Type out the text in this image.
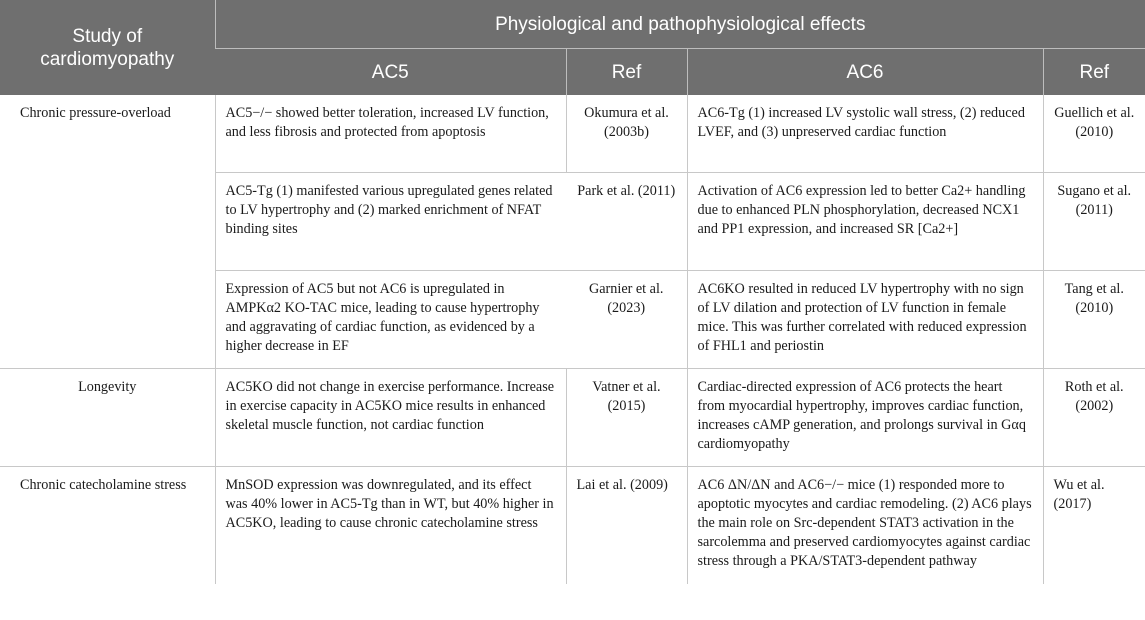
Study of cardiomyopathy	Physiological and pathophysiological effects			
	AC5	Ref	AC6	Ref
Chronic pressure-overload	AC5−/− showed better toleration, increased LV function, and less fibrosis and protected from apoptosis	Okumura et al. (2003b)	AC6-Tg (1) increased LV systolic wall stress, (2) reduced LVEF, and (3) unpreserved cardiac function	Guellich et al. (2010)
	AC5-Tg (1) manifested various upregulated genes related to LV hypertrophy and (2) marked enrichment of NFAT binding sites	Park et al. (2011)	Activation of AC6 expression led to better Ca2+ handling due to enhanced PLN phosphorylation, decreased NCX1 and PP1 expression, and increased SR [Ca2+]	Sugano et al. (2011)
	Expression of AC5 but not AC6 is upregulated in AMPKα2 KO-TAC mice, leading to cause hypertrophy and aggravating of cardiac function, as evidenced by a higher decrease in EF	Garnier et al. (2023)	AC6KO resulted in reduced LV hypertrophy with no sign of LV dilation and protection of LV function in female mice. This was further correlated with reduced expression of FHL1 and periostin	Tang et al. (2010)
Longevity	AC5KO did not change in exercise performance. Increase in exercise capacity in AC5KO mice results in enhanced skeletal muscle function, not cardiac function	Vatner et al. (2015)	Cardiac-directed expression of AC6 protects the heart from myocardial hypertrophy, improves cardiac function, increases cAMP generation, and prolongs survival in Gαq cardiomyopathy	Roth et al. (2002)
Chronic catecholamine stress	MnSOD expression was downregulated, and its effect was 40% lower in AC5-Tg than in WT, but 40% higher in AC5KO, leading to cause chronic catecholamine stress	Lai et al. (2009)	AC6 ΔN/ΔN and AC6−/− mice (1) responded more to apoptotic myocytes and cardiac remodeling. (2) AC6 plays the main role on Src-dependent STAT3 activation in the sarcolemma and preserved cardiomyocytes against cardiac stress through a PKA/STAT3-dependent pathway	Wu et al. (2017)
